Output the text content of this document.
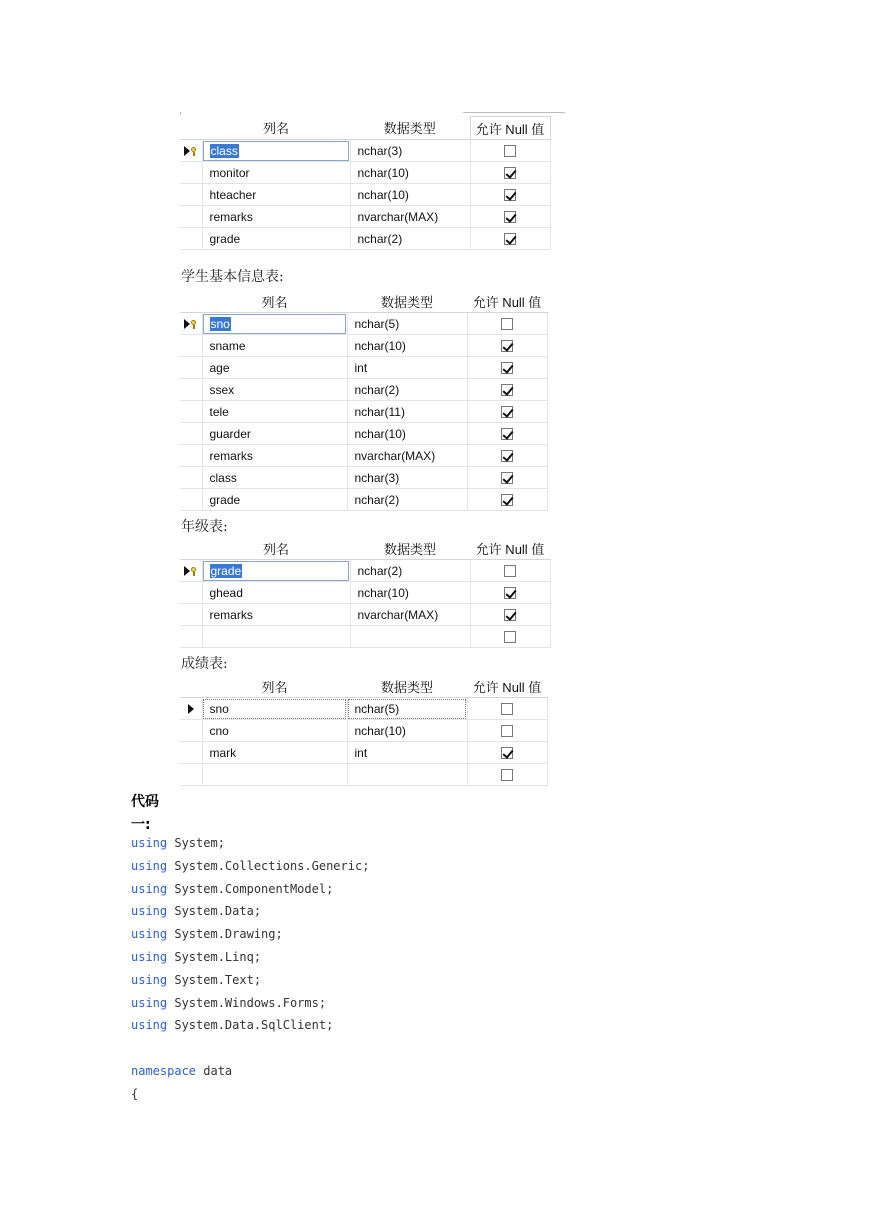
	列名	数据类型	允许 Null 值

	class	nchar(3)	
	monitor	nchar(10)	
	hteacher	nchar(10)	
	remarks	nvarchar(MAX)	
	grade	nchar(2)	
学生基本信息表:
	列名	数据类型	允许 Null 值

	sno	nchar(5)	
	sname	nchar(10)	
	age	int	
	ssex	nchar(2)	
	tele	nchar(11)	
	guarder	nchar(10)	
	remarks	nvarchar(MAX)	
	class	nchar(3)	
	grade	nchar(2)	
年级表:
	列名	数据类型	允许 Null 值

	grade	nchar(2)	
	ghead	nchar(10)	
	remarks	nvarchar(MAX)	

成绩表:
	列名	数据类型	允许 Null 值
	sno	nchar(5)	
	cno	nchar(10)	
	mark	int	

代码
一:
using System;
using System.Collections.Generic;
using System.ComponentModel;
using System.Data;
using System.Drawing;
using System.Linq;
using System.Text;
using System.Windows.Forms;
using System.Data.SqlClient;
namespace data
{
